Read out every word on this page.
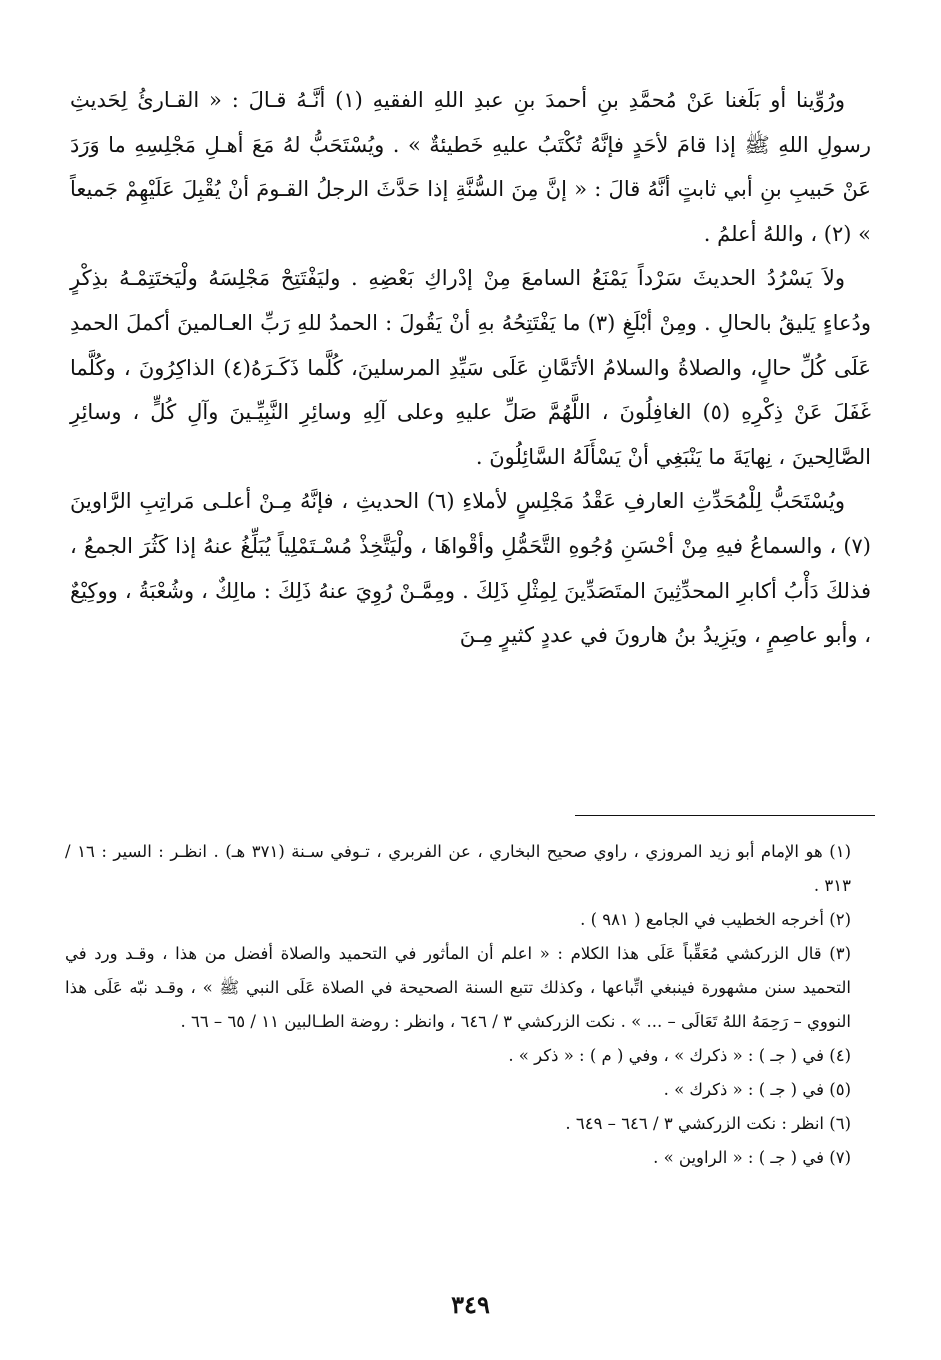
ورُوِّينا أو بَلَغنا عَنْ مُحمَّدِ بنِ أحمدَ بنِ عبدِ اللهِ الفقيهِ (١) أنَّـهُ قـالَ : « القـارئُ لِحَديثِ رسولِ اللهِ ﷺ إذا قامَ لأحَدٍ فإنَّهُ تُكْتَبُ عليهِ خَطيئةٌ » . ويُسْتَحَبُّ لهُ مَعَ أهـلِ مَجْلِسِهِ ما وَرَدَ عَنْ حَبيبِ بنِ أبي ثابتٍ أنَّهُ قالَ : « إنَّ مِنَ السُّنَّةِ إذا حَدَّثَ الرجلُ القـومَ أنْ يُقْبِلَ عَلَيْهِمْ جَميعاً » (٢) ، واللهُ أعلمُ .

ولاَ يَسْرُدُ الحديثَ سَرْداً يَمْنَعُ السامعَ مِنْ إدْراكِ بَعْضِهِ . وليَفْتَتِحْ مَجْلِسَهُ ولْيَختَتِمْـهُ بذِكْرٍ ودُعاءٍ يَليقُ بالحالِ . ومِنْ أبْلَغِ (٣) ما يَفْتَتِحُهُ بهِ أنْ يَقُولَ : الحمدُ للهِ رَبِّ العـالمينَ أكملَ الحمدِ عَلَى كُلِّ حالٍ، والصلاةُ والسلامُ الأتَمَّانِ عَلَى سَيِّدِ المرسلينَ، كُلَّما ذَكَـرَهُ(٤) الذاكِرُونَ ، وكُلَّما غَفَلَ عَنْ ذِكْرِهِ (٥) الغافِلُونَ ، اللَّهُمَّ صَلِّ عليهِ وعلى آلِهِ وسائِرِ النَّبِيِّـينَ وآلِ كُلٍّ ، وسائِرِ الصَّالِحينَ ، نِهايَةَ ما يَنْبَغِي أنْ يَسْأَلَهُ السَّائِلُونَ .

ويُسْتَحَبُّ لِلْمُحَدِّثِ العارفِ عَقْدُ مَجْلِسٍ لأملاءِ (٦) الحديثِ ، فإنَّهُ مِـنْ أعلـى مَراتِبِ الرَّاوينَ (٧) ، والسماعُ فيهِ مِنْ أحْسَنِ وُجُوهِ التَّحَمُّلِ وأقْواهَا ، ولْيَتَّخِذْ مُسْـتَمْلِياً يُبَلِّغُ عنهُ إذا كَثُرَ الجمعُ ، فذلكَ دَأْبُ أكابرِ المحدِّثِينَ المتَصَدِّينَ لِمِثْلِ ذَلِكَ . ومِمَّـنْ رُوِيَ عنهُ ذَلِكَ : مالِكٌ ، وشُعْبَةُ ، ووكِيْعٌ ، وأبو عاصِمٍ ، ويَزِيدُ بنُ هارونَ في عددٍ كثيرٍ مِـنَ

(١) هو الإمام أبو زيد المروزي ، راوي صحيح البخاري ، عن الفربري ، تـوفي سـنة (٣٧١ هـ) . انظـر : السير : ١٦ / ٣١٣ .

(٢) أخرجه الخطيب في الجامع ( ٩٨١ ) .

(٣) قال الزركشي مُعَقِّباً عَلَى هذا الكلام : « اعلم أن المأثور في التحميد والصلاة أفضل من هذا ، وقـد ورد في التحميد سنن مشهورة فينبغي اتِّباعها ، وكذلك تتبع السنة الصحيحة في الصلاة عَلَى النبي ﷺ » ، وقـد نبّه عَلَى هذا النووي – رَحِمَهُ اللهُ تَعَالَى – ... » . نكت الزركشي ٣ / ٦٤٦ ، وانظر : روضة الطـالبين ١١ / ٦٥ – ٦٦ .

(٤) في ( جـ ) : « ذكرك » ، وفي ( م ) : « ذكر » .

(٥) في ( جـ ) : « ذكرك » .

(٦) انظر : نكت الزركشي ٣ / ٦٤٦ – ٦٤٩ .

(٧) في ( جـ ) : « الراوين » .

٣٤٩
